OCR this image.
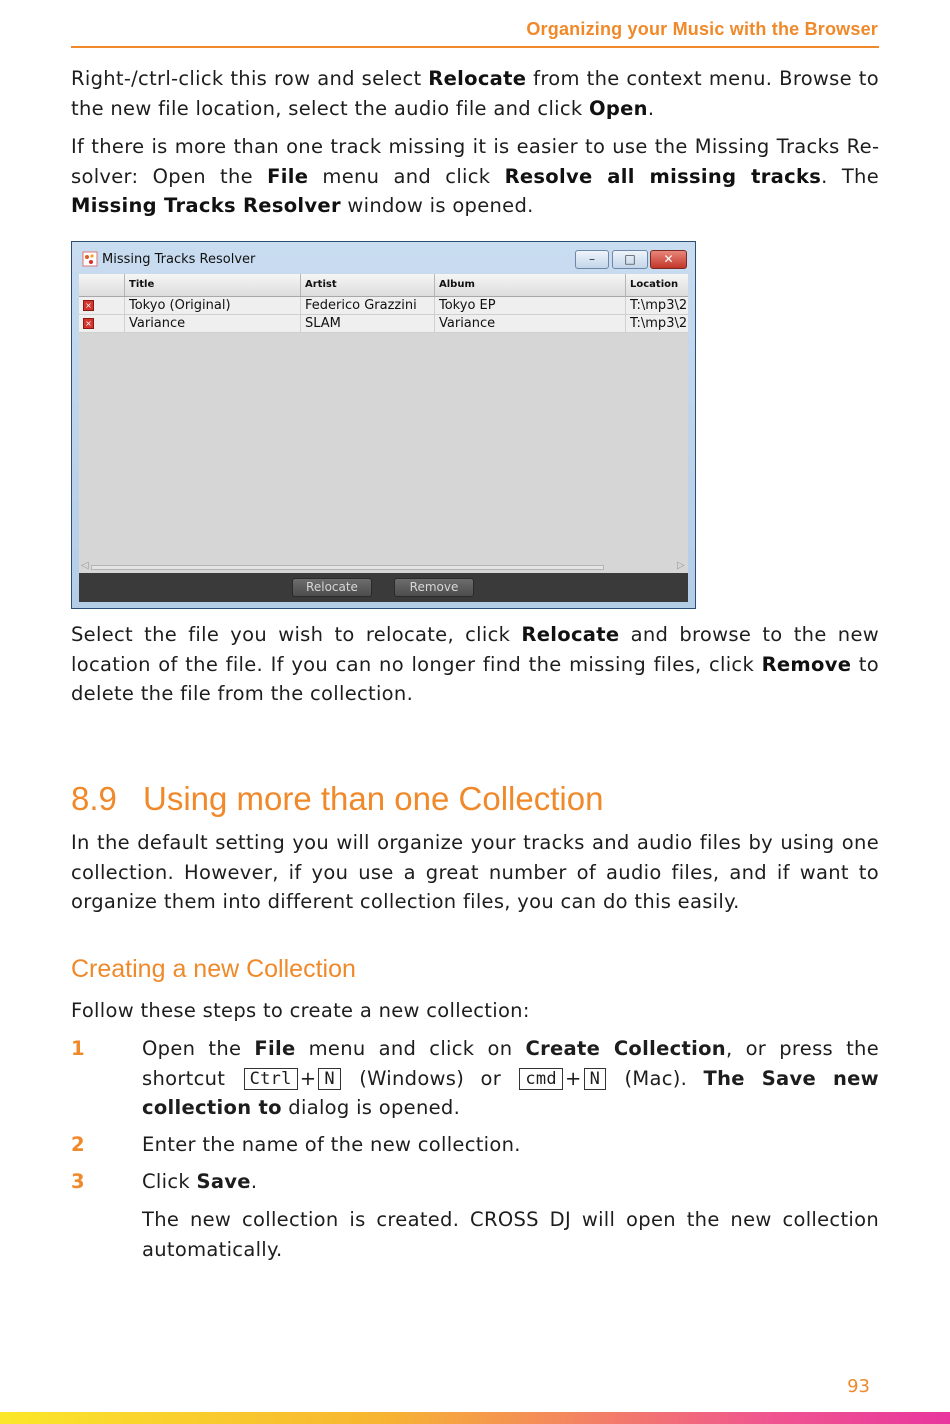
Organizing your Music with the Browser
Right-/ctrl-click this row and select Relocate from the context menu. Browse to the new file location, select the audio file and click Open.
If there is more than one track missing it is easier to use the Missing Tracks Resolver: Open the File menu and click Resolve all missing tracks. The Missing Tracks Resolver window is opened.
Missing Tracks Resolver	–	□	✕
Title	Artist	Album	Location
×	Tokyo (Original)	Federico Grazzini	Tokyo EP	T:\mp3\2
×	Variance	SLAM	Variance	T:\mp3\2
◁	▷
Relocate	Remove
Select the file you wish to relocate, click Relocate and browse to the new location of the file. If you can no longer find the missing files, click Remove to delete the file from the collection.
8.9 Using more than one Collection
In the default setting you will organize your tracks and audio files by using one collection. However, if you use a great number of audio files, and if want to organize them into different collection files, you can do this easily.
Creating a new Collection
Follow these steps to create a new collection:
1	Open the File menu and click on Create Collection, or press the shortcut Ctrl + N (Windows) or cmd + N (Mac). The Save new collection to dialog is opened.
2	Enter the name of the new collection.
3	Click Save.
The new collection is created. CROSS DJ will open the new collection automatically.
93
